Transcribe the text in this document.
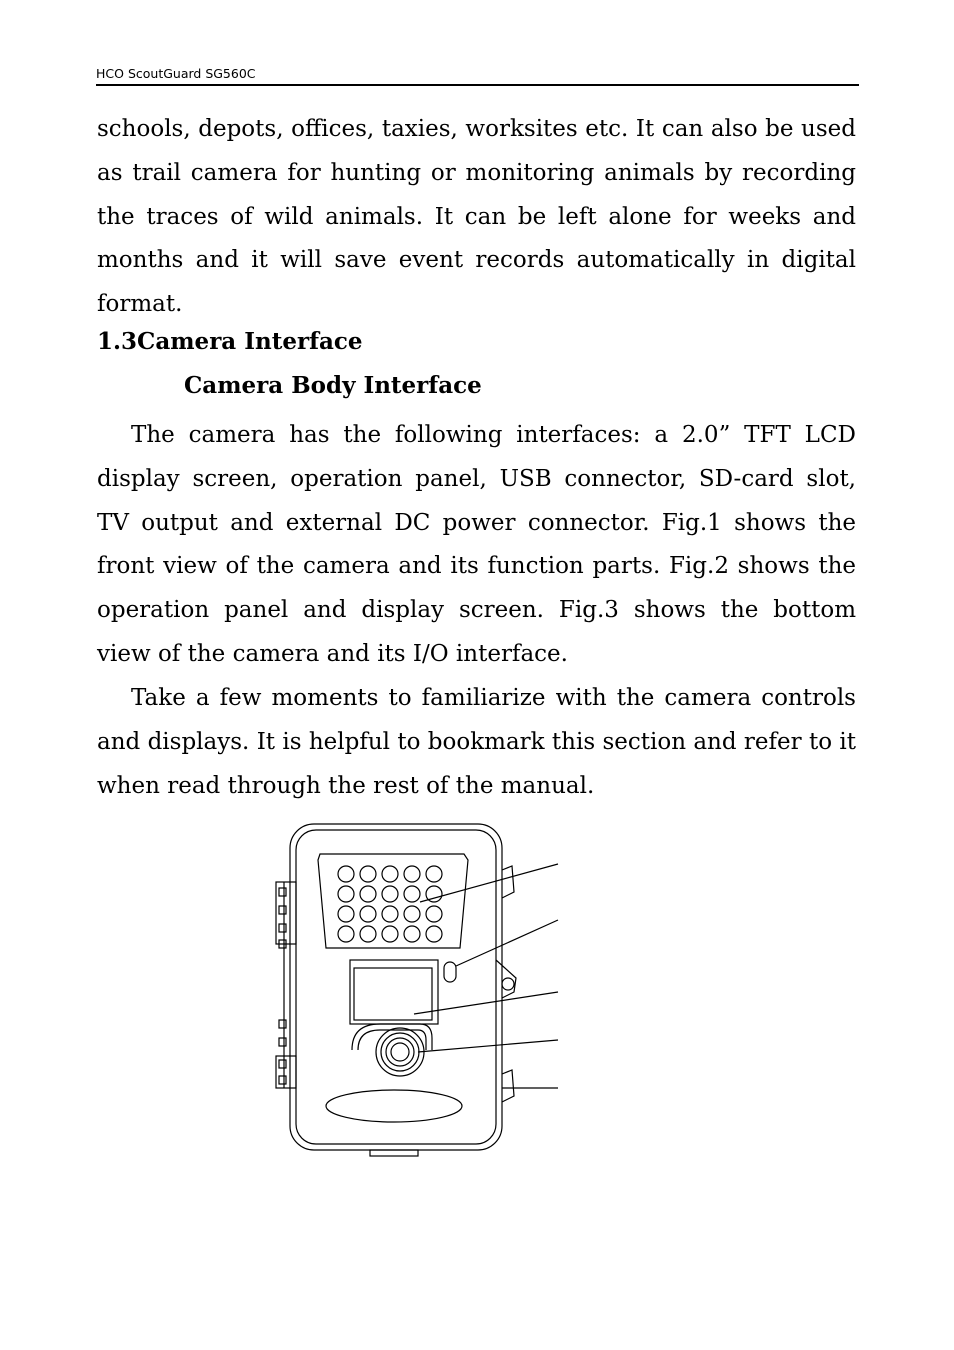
HCO ScoutGuard SG560C

schools, depots, offices, taxies, worksites etc. It can also be used as trail camera for hunting or monitoring animals by recording the traces of wild animals. It can be left alone for weeks and months and it will save event records automatically in digital format.

1.3Camera Interface
Camera Body Interface

The camera has the following interfaces: a 2.0” TFT LCD display screen, operation panel, USB connector, SD-card slot, TV output and external DC power connector. Fig.1 shows the front view of the camera and its function parts. Fig.2 shows the operation panel and display screen. Fig.3 shows the bottom view of the camera and its I/O interface.

Take a few moments to familiarize with the camera controls and displays. It is helpful to bookmark this section and refer to it when read through the rest of the manual.
